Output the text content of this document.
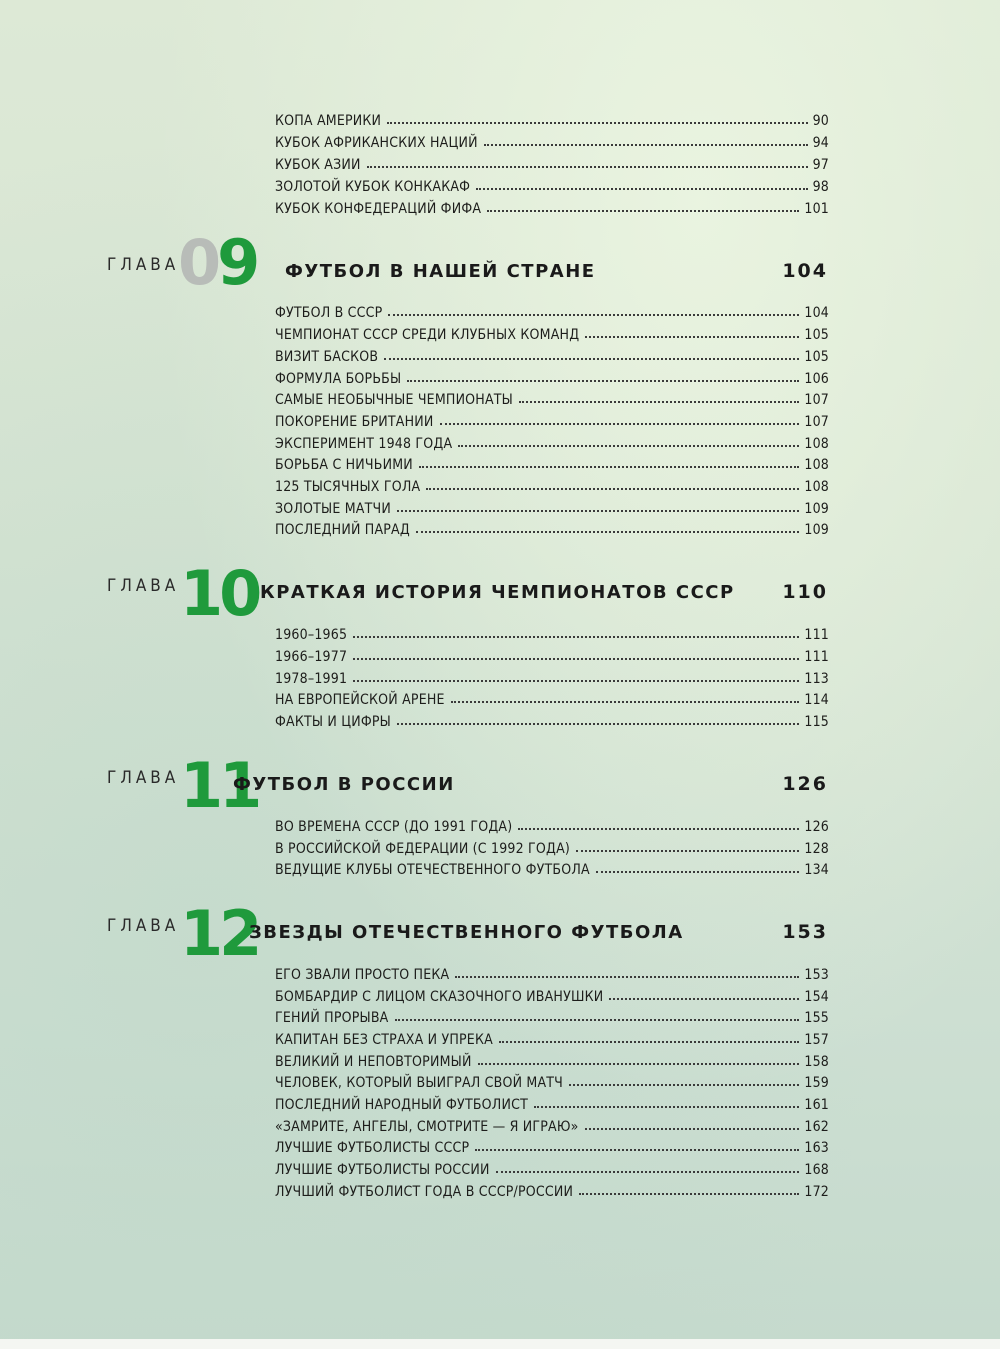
КОПА АМЕРИКИ	90
КУБОК АФРИКАНСКИХ НАЦИЙ	94
КУБОК АЗИИ	97
ЗОЛОТОЙ КУБОК КОНКАКАФ	98
КУБОК КОНФЕДЕРАЦИЙ ФИФА	101
ГЛАВА
09 ФУТБОЛ В НАШЕЙ СТРАНЕ	104
ФУТБОЛ В СССР	104
ЧЕМПИОНАТ СССР СРЕДИ КЛУБНЫХ КОМАНД	105
ВИЗИТ БАСКОВ	105
ФОРМУЛА БОРЬБЫ	106
САМЫЕ НЕОБЫЧНЫЕ ЧЕМПИОНАТЫ	107
ПОКОРЕНИЕ БРИТАНИИ	107
ЭКСПЕРИМЕНТ 1948 ГОДА	108
БОРЬБА С НИЧЬИМИ	108
125 ТЫСЯЧНЫХ ГОЛА	108
ЗОЛОТЫЕ МАТЧИ	109
ПОСЛЕДНИЙ ПАРАД	109
ГЛАВА 10 КРАТКАЯ ИСТОРИЯ ЧЕМПИОНАТОВ СССР	110
1960–1965	111
1966–1977	111
1978–1991	113
НА ЕВРОПЕЙСКОЙ АРЕНЕ	114
ФАКТЫ И ЦИФРЫ	115
ГЛАВА 11
ФУТБОЛ В РОССИИ	126
ВО ВРЕМЕНА СССР (ДО 1991 ГОДА)	126
В РОССИЙСКОЙ ФЕДЕРАЦИИ (С 1992 ГОДА)	128
ВЕДУЩИЕ КЛУБЫ ОТЕЧЕСТВЕННОГО ФУТБОЛА	134
ГЛАВА 12
ЗВЕЗДЫ ОТЕЧЕСТВЕННОГО ФУТБОЛА	153
ЕГО ЗВАЛИ ПРОСТО ПЕКА	153
БОМБАРДИР С ЛИЦОМ СКАЗОЧНОГО ИВАНУШКИ	154
ГЕНИЙ ПРОРЫВА	155
КАПИТАН БЕЗ СТРАХА И УПРЕКА	157
ВЕЛИКИЙ И НЕПОВТОРИМЫЙ	158
ЧЕЛОВЕК, КОТОРЫЙ ВЫИГРАЛ СВОЙ МАТЧ	159
ПОСЛЕДНИЙ НАРОДНЫЙ ФУТБОЛИСТ	161
«ЗАМРИТЕ, АНГЕЛЫ, СМОТРИТЕ — Я ИГРАЮ»	162
ЛУЧШИЕ ФУТБОЛИСТЫ СССР	163
ЛУЧШИЕ ФУТБОЛИСТЫ РОССИИ	168
ЛУЧШИЙ ФУТБОЛИСТ ГОДА В СССР/РОССИИ	172
